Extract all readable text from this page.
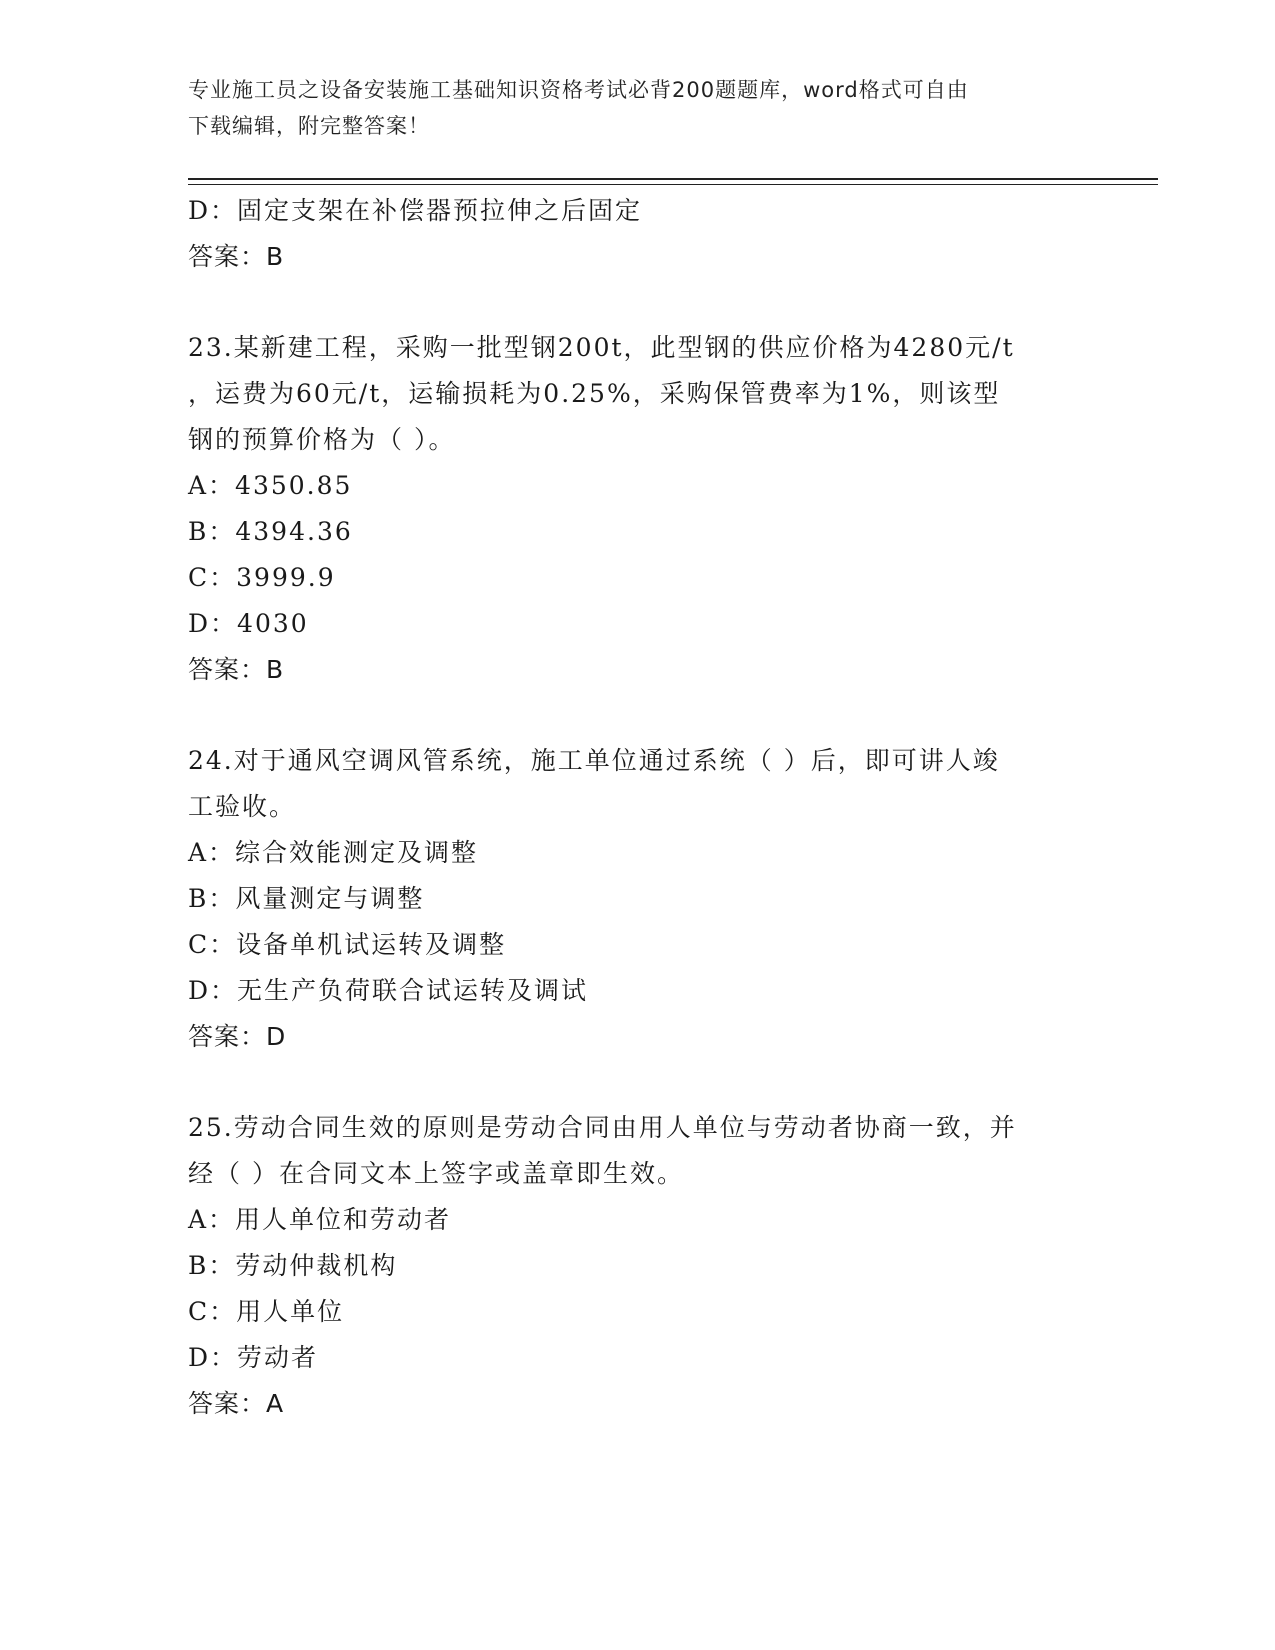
专业施工员之设备安装施工基础知识资格考试必背200题题库，word格式可自由
下载编辑，附完整答案！
D：固定支架在补偿器预拉伸之后固定
答案：B
23.某新建工程，采购一批型钢200t，此型钢的供应价格为4280元/t
，运费为60元/t，运输损耗为0.25%，采购保管费率为1%，则该型
钢的预算价格为（ ）。
A：4350.85
B：4394.36
C：3999.9
D：4030
答案：B
24.对于通风空调风管系统，施工单位通过系统（ ）后，即可讲人竣
工验收。
A：综合效能测定及调整
B：风量测定与调整
C：设备单机试运转及调整
D：无生产负荷联合试运转及调试
答案：D
25.劳动合同生效的原则是劳动合同由用人单位与劳动者协商一致，并
经（ ）在合同文本上签字或盖章即生效。
A：用人单位和劳动者
B：劳动仲裁机构
C：用人单位
D：劳动者
答案：A
